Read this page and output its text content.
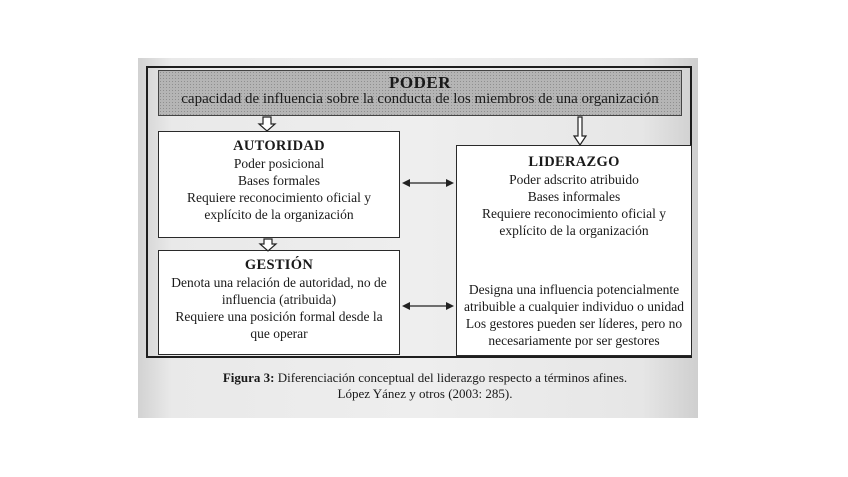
PODER
capacidad de influencia sobre la conducta de los miembros de una organización
AUTORIDAD
Poder posicional
Bases formales
Requiere reconocimiento oficial y
explícito de la organización
GESTIÓN
Denota una relación de autoridad, no de
influencia (atribuida)
Requiere una posición formal desde la
que operar
LIDERAZGO
Poder adscrito atribuido
Bases informales
Requiere reconocimiento oficial y
explícito de la organización
Designa una influencia potencialmente
atribuible a cualquier individuo o unidad
Los gestores pueden ser líderes, pero no
necesariamente por ser gestores
Figura 3: Diferenciación conceptual del liderazgo respecto a términos afines.
López Yánez y otros (2003: 285).
